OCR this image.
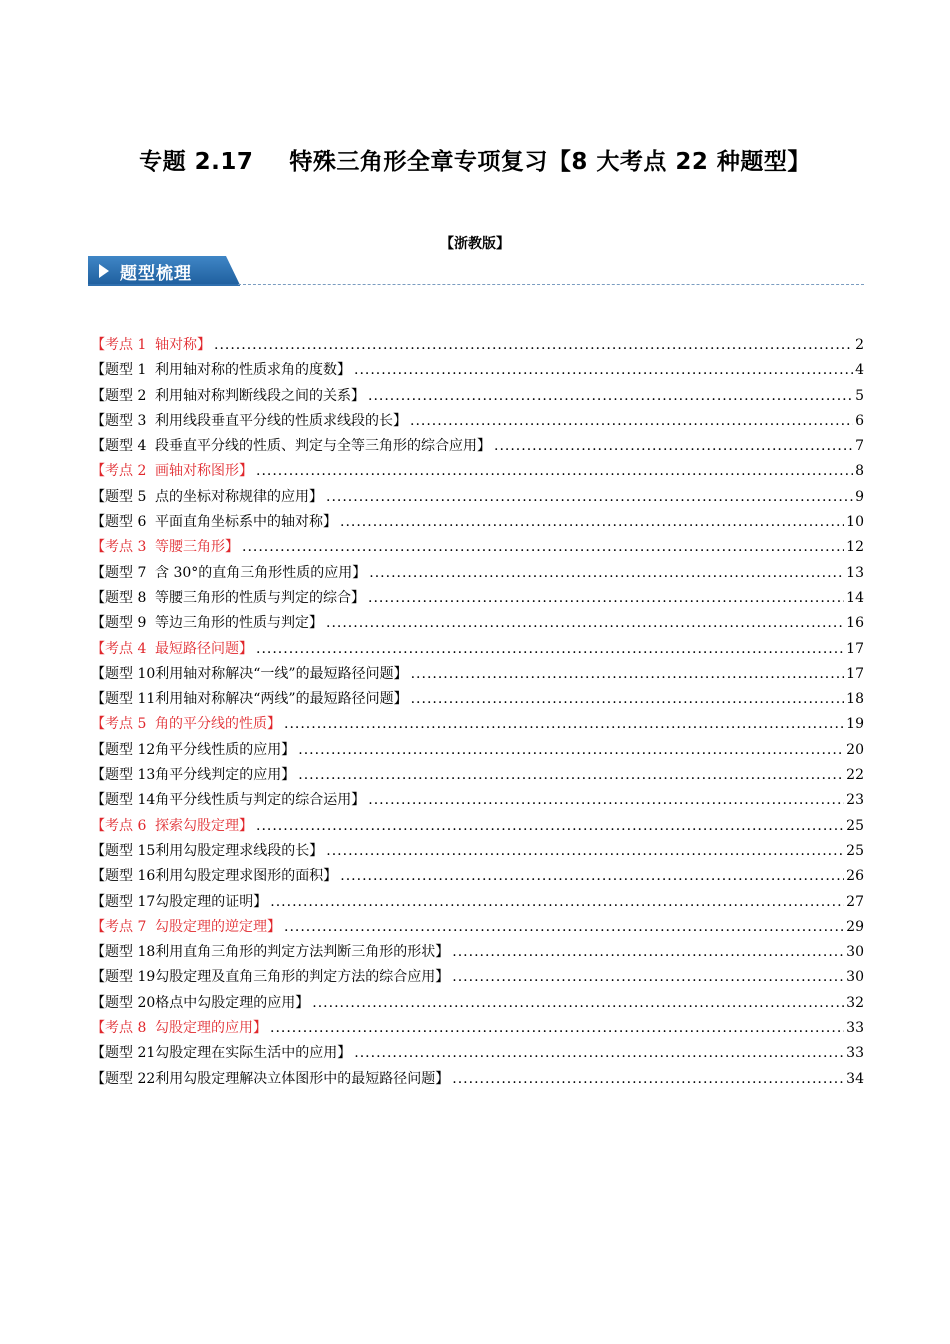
专题 2.17 特殊三角形全章专项复习【8 大考点 22 种题型】
【浙教版】
题型梳理
【考点 1 轴对称】 .....	2
【题型 1 利用轴对称的性质求角的度数】 .....	4
【题型 2 利用轴对称判断线段之间的关系】 .....	5
【题型 3 利用线段垂直平分线的性质求线段的长】 .....	6
【题型 4 段垂直平分线的性质、判定与全等三角形的综合应用】 .....	7
【考点 2 画轴对称图形】 .....	8
【题型 5 点的坐标对称规律的应用】 .....	9
【题型 6 平面直角坐标系中的轴对称】 .....	10
【考点 3 等腰三角形】 .....	12
【题型 7 含 30°的直角三角形性质的应用】 .....	13
【题型 8 等腰三角形的性质与判定的综合】 .....	14
【题型 9 等边三角形的性质与判定】 .....	16
【考点 4 最短路径问题】 .....	17
【题型 10利用轴对称解决“一线”的最短路径问题】 .....	17
【题型 11利用轴对称解决“两线”的最短路径问题】 .....	18
【考点 5 角的平分线的性质】 .....	19
【题型 12角平分线性质的应用】 .....	20
【题型 13角平分线判定的应用】 .....	22
【题型 14角平分线性质与判定的综合运用】 .....	23
【考点 6 探索勾股定理】 .....	25
【题型 15利用勾股定理求线段的长】 .....	25
【题型 16利用勾股定理求图形的面积】 .....	26
【题型 17勾股定理的证明】 .....	27
【考点 7 勾股定理的逆定理】 .....	29
【题型 18利用直角三角形的判定方法判断三角形的形状】 .....	30
【题型 19勾股定理及直角三角形的判定方法的综合应用】 .....	30
【题型 20格点中勾股定理的应用】 .....	32
【考点 8 勾股定理的应用】 .....	33
【题型 21勾股定理在实际生活中的应用】 .....	33
【题型 22利用勾股定理解决立体图形中的最短路径问题】 .....	34
